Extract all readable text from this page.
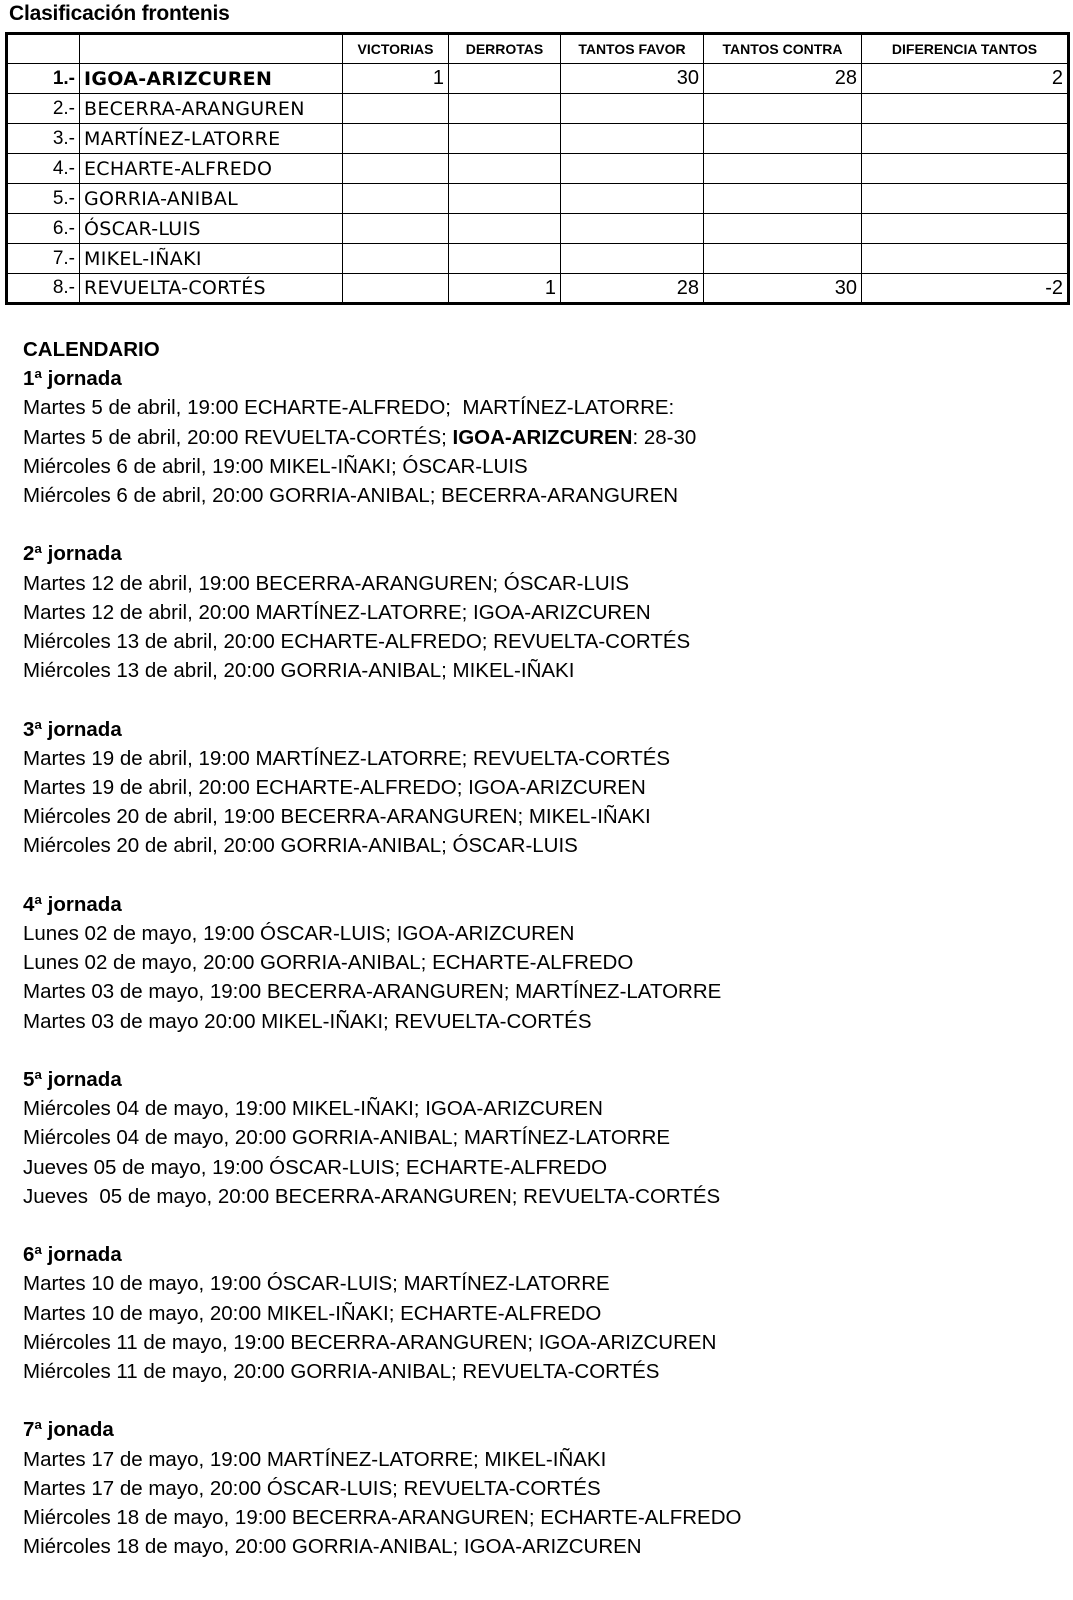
Clasificación frontenis
		VICTORIAS	DERROTAS	TANTOS FAVOR	TANTOS CONTRA	DIFERENCIA TANTOS
1.-	IGOA-ARIZCUREN	1		30	28	2
2.-	BECERRA-ARANGUREN					
3.-	MARTÍNEZ-LATORRE					
4.-	ECHARTE-ALFREDO					
5.-	GORRIA-ANIBAL					
6.-	ÓSCAR-LUIS					
7.-	MIKEL-IÑAKI					
8.-	REVUELTA-CORTÉS		1	28	30	-2
CALENDARIO
1ª jornada
Martes 5 de abril, 19:00 ECHARTE-ALFREDO;  MARTÍNEZ-LATORRE:
Martes 5 de abril, 20:00 REVUELTA-CORTÉS; IGOA-ARIZCUREN: 28-30
Miércoles 6 de abril, 19:00 MIKEL-IÑAKI; ÓSCAR-LUIS
Miércoles 6 de abril, 20:00 GORRIA-ANIBAL; BECERRA-ARANGUREN
2ª jornada
Martes 12 de abril, 19:00 BECERRA-ARANGUREN; ÓSCAR-LUIS
Martes 12 de abril, 20:00 MARTÍNEZ-LATORRE; IGOA-ARIZCUREN
Miércoles 13 de abril, 20:00 ECHARTE-ALFREDO; REVUELTA-CORTÉS
Miércoles 13 de abril, 20:00 GORRIA-ANIBAL; MIKEL-IÑAKI
3ª jornada
Martes 19 de abril, 19:00 MARTÍNEZ-LATORRE; REVUELTA-CORTÉS
Martes 19 de abril, 20:00 ECHARTE-ALFREDO; IGOA-ARIZCUREN
Miércoles 20 de abril, 19:00 BECERRA-ARANGUREN; MIKEL-IÑAKI
Miércoles 20 de abril, 20:00 GORRIA-ANIBAL; ÓSCAR-LUIS
4ª jornada
Lunes 02 de mayo, 19:00 ÓSCAR-LUIS; IGOA-ARIZCUREN
Lunes 02 de mayo, 20:00 GORRIA-ANIBAL; ECHARTE-ALFREDO
Martes 03 de mayo, 19:00 BECERRA-ARANGUREN; MARTÍNEZ-LATORRE
Martes 03 de mayo 20:00 MIKEL-IÑAKI; REVUELTA-CORTÉS
5ª jornada
Miércoles 04 de mayo, 19:00 MIKEL-IÑAKI; IGOA-ARIZCUREN
Miércoles 04 de mayo, 20:00 GORRIA-ANIBAL; MARTÍNEZ-LATORRE
Jueves 05 de mayo, 19:00 ÓSCAR-LUIS; ECHARTE-ALFREDO
Jueves  05 de mayo, 20:00 BECERRA-ARANGUREN; REVUELTA-CORTÉS
6ª jornada
Martes 10 de mayo, 19:00 ÓSCAR-LUIS; MARTÍNEZ-LATORRE
Martes 10 de mayo, 20:00 MIKEL-IÑAKI; ECHARTE-ALFREDO
Miércoles 11 de mayo, 19:00 BECERRA-ARANGUREN; IGOA-ARIZCUREN
Miércoles 11 de mayo, 20:00 GORRIA-ANIBAL; REVUELTA-CORTÉS
7ª jonada
Martes 17 de mayo, 19:00 MARTÍNEZ-LATORRE; MIKEL-IÑAKI
Martes 17 de mayo, 20:00 ÓSCAR-LUIS; REVUELTA-CORTÉS
Miércoles 18 de mayo, 19:00 BECERRA-ARANGUREN; ECHARTE-ALFREDO
Miércoles 18 de mayo, 20:00 GORRIA-ANIBAL; IGOA-ARIZCUREN
